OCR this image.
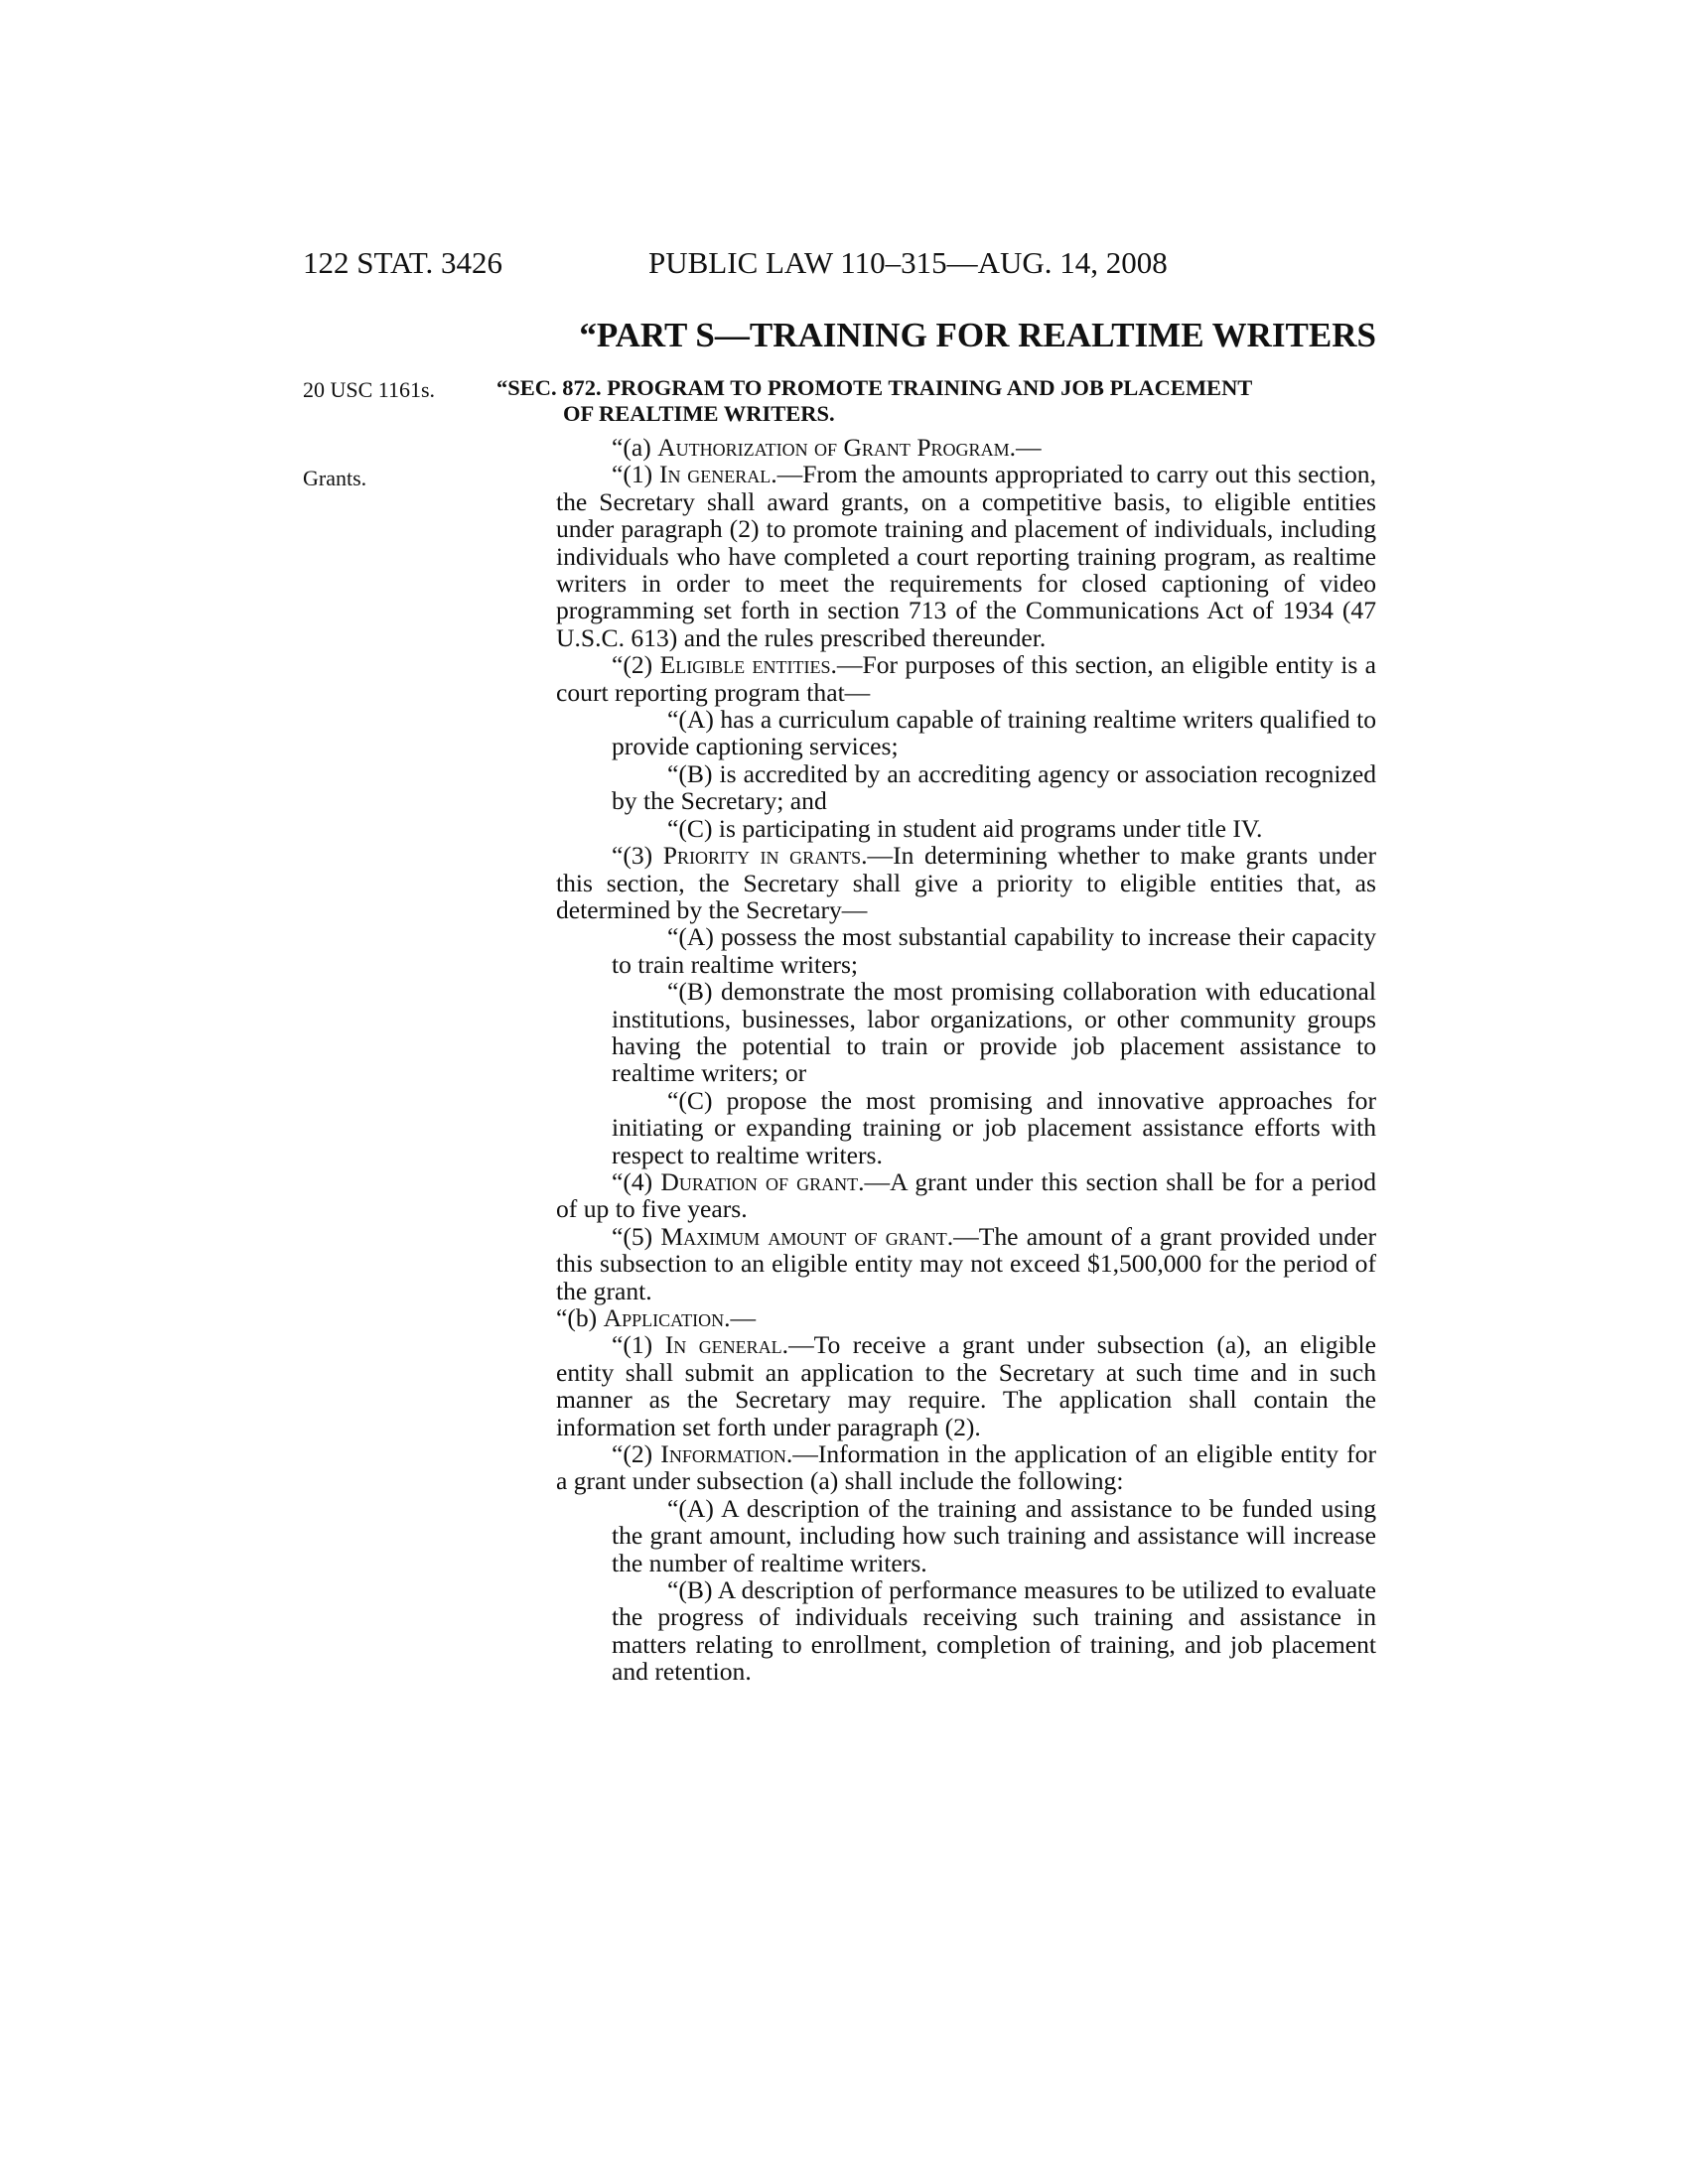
122 STAT. 3426	PUBLIC LAW 110–315—AUG. 14, 2008
“PART S—TRAINING FOR REALTIME WRITERS
20 USC 1161s.
Grants.
“SEC. 872. PROGRAM TO PROMOTE TRAINING AND JOB PLACEMENT
OF REALTIME WRITERS.

“(a) Authorization of Grant Program.—

“(1) In general.—From the amounts appropriated to carry out this section, the Secretary shall award grants, on a competitive basis, to eligible entities under paragraph (2) to promote training and placement of individuals, including individuals who have completed a court reporting training program, as realtime writers in order to meet the requirements for closed captioning of video programming set forth in section 713 of the Communications Act of 1934 (47 U.S.C. 613) and the rules prescribed thereunder.

“(2) Eligible entities.—For purposes of this section, an eligible entity is a court reporting program that—

“(A) has a curriculum capable of training realtime writers qualified to provide captioning services;

“(B) is accredited by an accrediting agency or association recognized by the Secretary; and

“(C) is participating in student aid programs under title IV.

“(3) Priority in grants.—In determining whether to make grants under this section, the Secretary shall give a priority to eligible entities that, as determined by the Secretary—

“(A) possess the most substantial capability to increase their capacity to train realtime writers;

“(B) demonstrate the most promising collaboration with educational institutions, businesses, labor organizations, or other community groups having the potential to train or provide job placement assistance to realtime writers; or

“(C) propose the most promising and innovative approaches for initiating or expanding training or job placement assistance efforts with respect to realtime writers.

“(4) Duration of grant.—A grant under this section shall be for a period of up to five years.

“(5) Maximum amount of grant.—The amount of a grant provided under this subsection to an eligible entity may not exceed $1,500,000 for the period of the grant.

“(b) Application.—

“(1) In general.—To receive a grant under subsection (a), an eligible entity shall submit an application to the Secretary at such time and in such manner as the Secretary may require. The application shall contain the information set forth under paragraph (2).

“(2) Information.—Information in the application of an eligible entity for a grant under subsection (a) shall include the following:

“(A) A description of the training and assistance to be funded using the grant amount, including how such training and assistance will increase the number of realtime writers.

“(B) A description of performance measures to be utilized to evaluate the progress of individuals receiving such training and assistance in matters relating to enrollment, completion of training, and job placement and retention.
